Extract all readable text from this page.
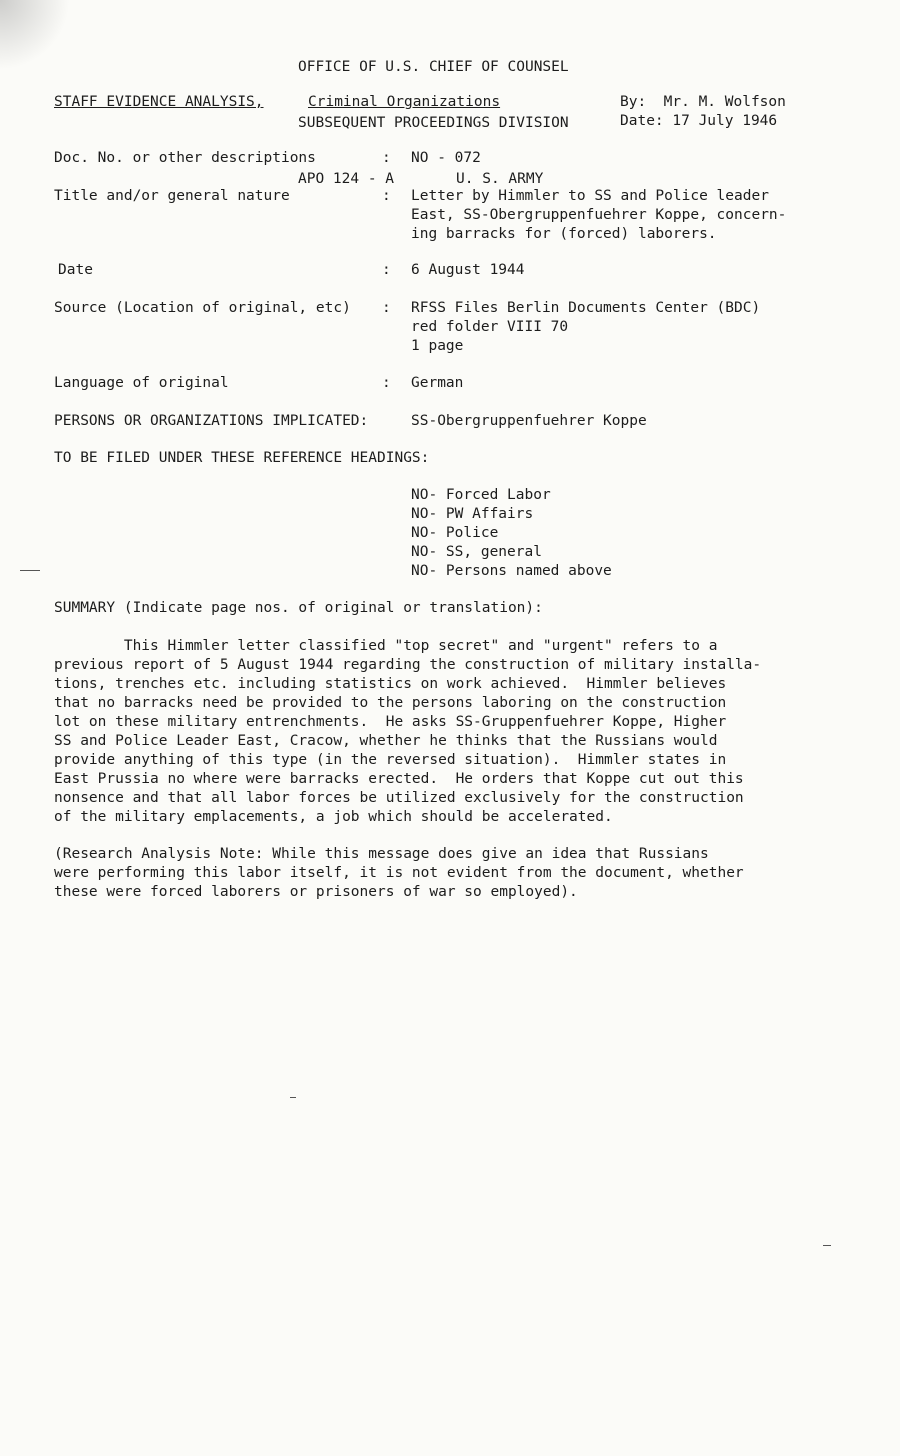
OFFICE OF U.S. CHIEF OF COUNSEL

SUBSEQUENT PROCEEDINGS DIVISION

APO 124 - A	U. S. ARMY

STAFF EVIDENCE ANALYSIS,	Criminal Organizations	By:  Mr. M. Wolfson
Date: 17 July 1946
Doc. No. or other descriptions	: NO - 072
Title and/or general nature	: Letter by Himmler to SS and Police leader
East, SS-Obergruppenfuehrer Koppe, concern-
ing barracks for (forced) laborers.
Date	: 6 August 1944
Source (Location of original, etc) : RFSS Files Berlin Documents Center (BDC)
red folder VIII 70
1 page
Language of original	: German
PERSONS OR ORGANIZATIONS IMPLICATED:	SS-Obergruppenfuehrer Koppe
TO BE FILED UNDER THESE REFERENCE HEADINGS:
NO- Forced Labor
NO- PW Affairs
NO- Police
NO- SS, general
NO- Persons named above
SUMMARY (Indicate page nos. of original or translation):
This Himmler letter classified "top secret" and "urgent" refers to a
previous report of 5 August 1944 regarding the construction of military installa-
tions, trenches etc. including statistics on work achieved.  Himmler believes
that no barracks need be provided to the persons laboring on the construction
lot on these military entrenchments.  He asks SS-Gruppenfuehrer Koppe, Higher
SS and Police Leader East, Cracow, whether he thinks that the Russians would
provide anything of this type (in the reversed situation).  Himmler states in
East Prussia no where were barracks erected.  He orders that Koppe cut out this
nonsence and that all labor forces be utilized exclusively for the construction
of the military emplacements, a job which should be accelerated.
(Research Analysis Note: While this message does give an idea that Russians
were performing this labor itself, it is not evident from the document, whether
these were forced laborers or prisoners of war so employed).
